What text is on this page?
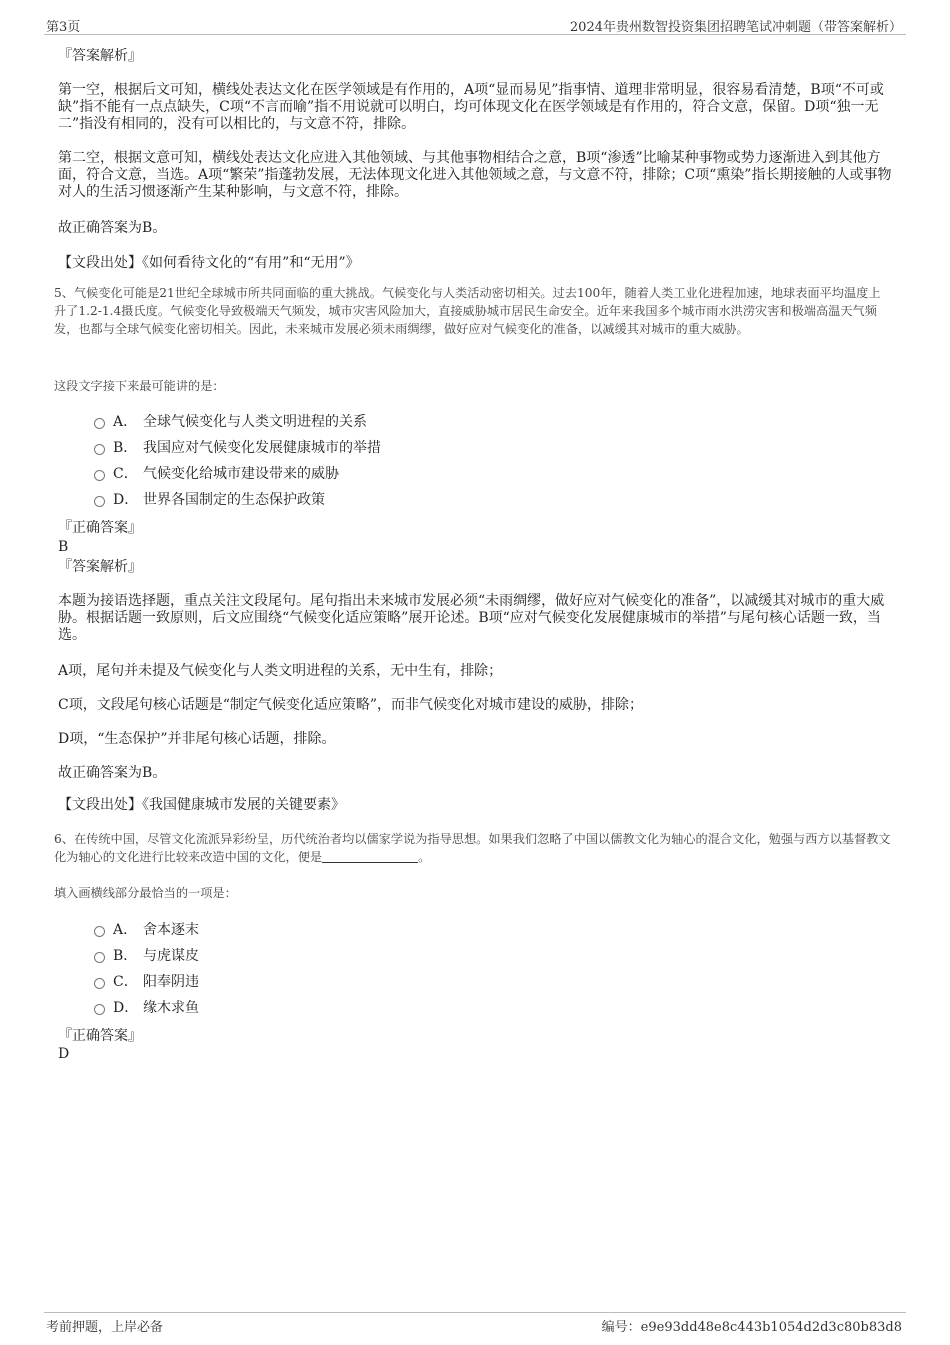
第3页	2024年贵州数智投资集团招聘笔试冲刺题（带答案解析）
『答案解析』
第一空，根据后文可知，横线处表达文化在医学领域是有作用的，A项“显而易见”指事情、道理非常明显，很容易看清楚，B项“不可或缺”指不能有一点点缺失，C项“不言而喻”指不用说就可以明白，均可体现文化在医学领域是有作用的，符合文意，保留。D项“独一无二”指没有相同的，没有可以相比的，与文意不符，排除。
第二空，根据文意可知，横线处表达文化应进入其他领域、与其他事物相结合之意，B项“渗透”比喻某种事物或势力逐渐进入到其他方面，符合文意，当选。A项“繁荣”指蓬勃发展，无法体现文化进入其他领域之意，与文意不符，排除；C项“熏染”指长期接触的人或事物对人的生活习惯逐渐产生某种影响，与文意不符，排除。
故正确答案为B。
【文段出处】《如何看待文化的“有用”和“无用”》
5、气候变化可能是21世纪全球城市所共同面临的重大挑战。气候变化与人类活动密切相关。过去100年，随着人类工业化进程加速，地球表面平均温度上升了1.2-1.4摄氏度。气候变化导致极端天气频发，城市灾害风险加大，直接威胁城市居民生命安全。近年来我国多个城市雨水洪涝灾害和极端高温天气频发，也都与全球气候变化密切相关。因此，未来城市发展必须未雨绸缪，做好应对气候变化的准备，以减缓其对城市的重大威胁。
这段文字接下来最可能讲的是：
A． 全球气候变化与人类文明进程的关系
B． 我国应对气候变化发展健康城市的举措
C． 气候变化给城市建设带来的威胁
D． 世界各国制定的生态保护政策
『正确答案』
B
『答案解析』
本题为接语选择题，重点关注文段尾句。尾句指出未来城市发展必须“未雨绸缪，做好应对气候变化的准备”，以减缓其对城市的重大威胁。根据话题一致原则，后文应围绕“气候变化适应策略”展开论述。B项“应对气候变化发展健康城市的举措”与尾句核心话题一致，当选。
A项，尾句并未提及气候变化与人类文明进程的关系，无中生有，排除；
C项，文段尾句核心话题是“制定气候变化适应策略”，而非气候变化对城市建设的威胁，排除；
D项，“生态保护”并非尾句核心话题，排除。
故正确答案为B。
【文段出处】《我国健康城市发展的关键要素》
6、在传统中国，尽管文化流派异彩纷呈，历代统治者均以儒家学说为指导思想。如果我们忽略了中国以儒教文化为轴心的混合文化，勉强与西方以基督教文化为轴心的文化进行比较来改造中国的文化，便是	。
填入画横线部分最恰当的一项是：
A． 舍本逐末
B． 与虎谋皮
C． 阳奉阴违
D． 缘木求鱼
『正确答案』
D
考前押题，上岸必备	编号：e9e93dd48e8c443b1054d2d3c80b83d8
